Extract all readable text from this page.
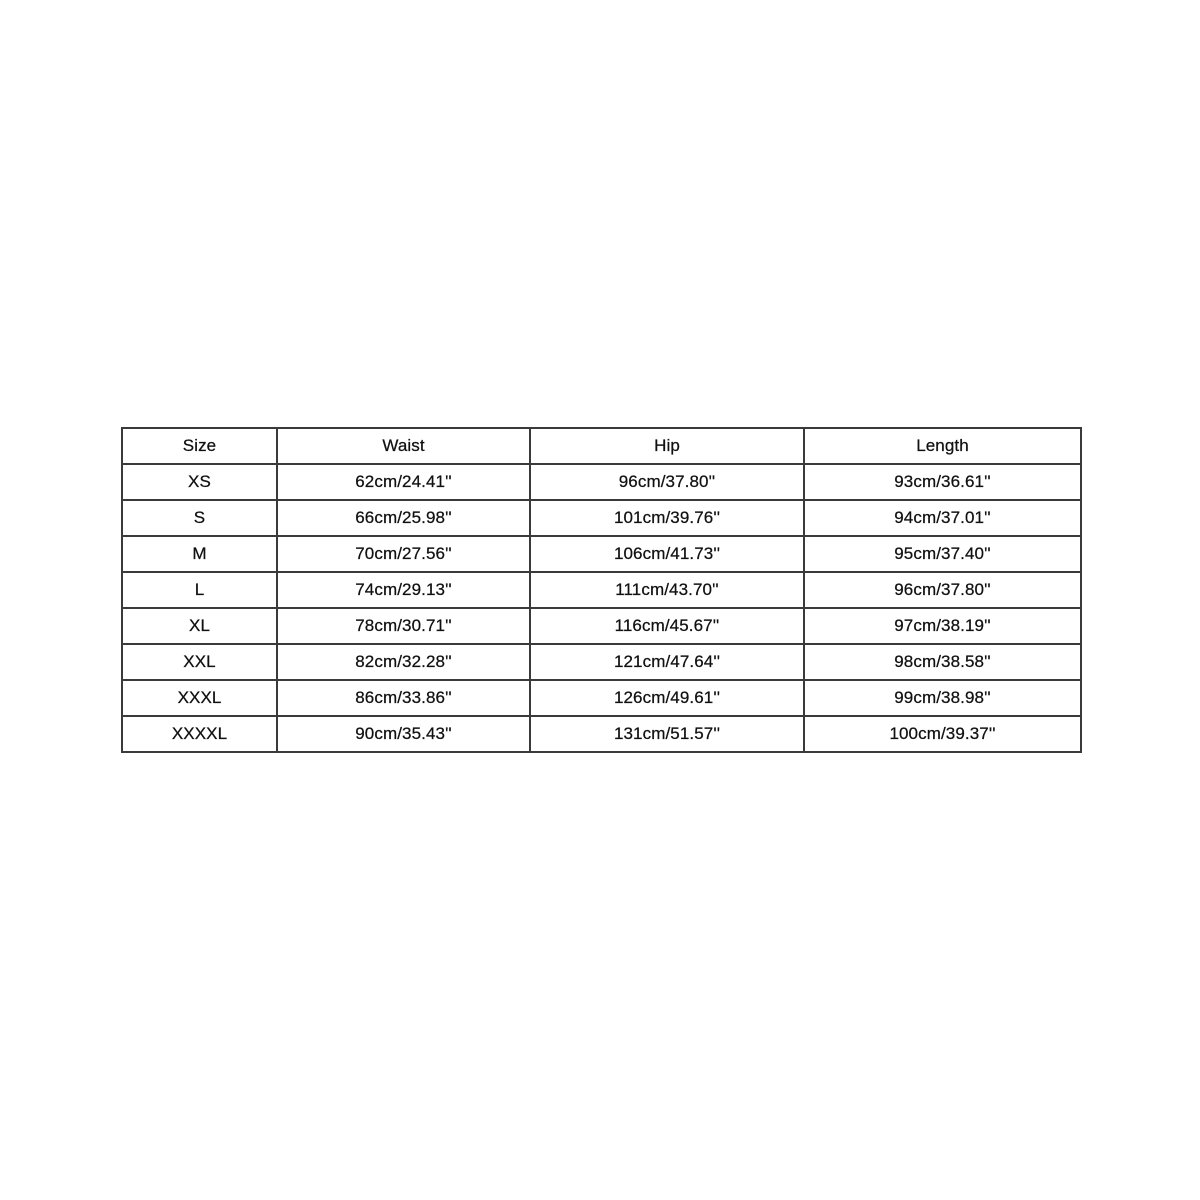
Size	Waist	Hip	Length
XS	62cm/24.41''	96cm/37.80''	93cm/36.61''
S	66cm/25.98''	101cm/39.76''	94cm/37.01''
M	70cm/27.56''	106cm/41.73''	95cm/37.40''
L	74cm/29.13''	111cm/43.70''	96cm/37.80''
XL	78cm/30.71''	116cm/45.67''	97cm/38.19''
XXL	82cm/32.28''	121cm/47.64''	98cm/38.58''
XXXL	86cm/33.86''	126cm/49.61''	99cm/38.98''
XXXXL	90cm/35.43''	131cm/51.57''	100cm/39.37''
